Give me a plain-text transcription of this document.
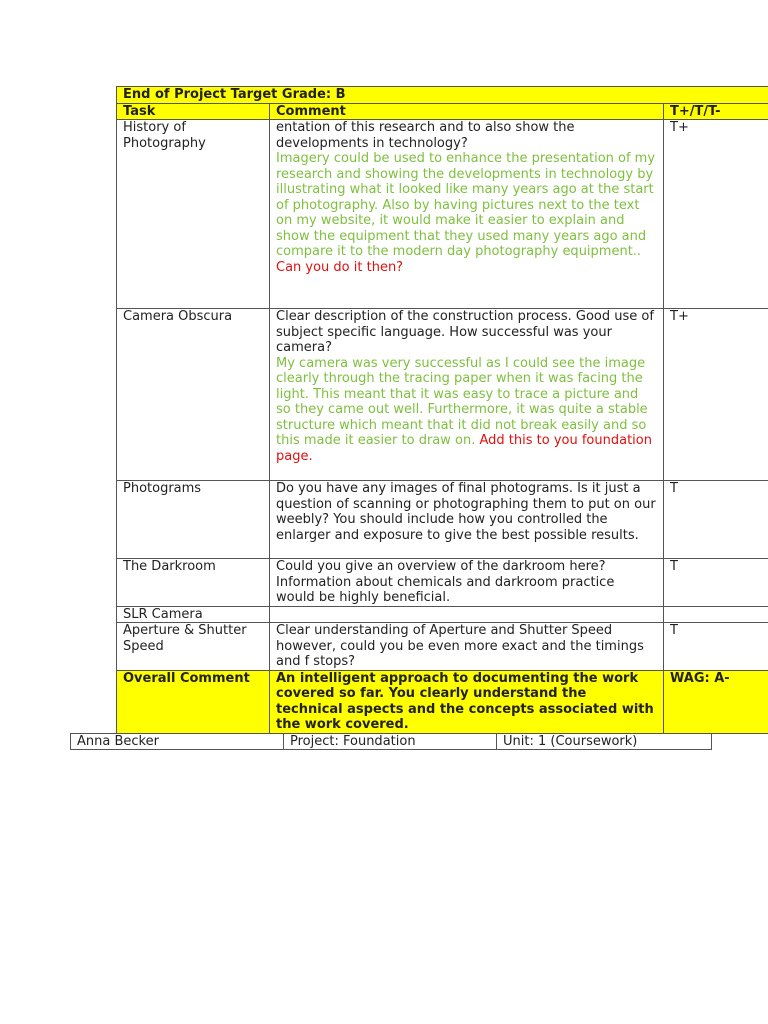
End of Project Target Grade: B		
Task	Comment	T+/T/T-
History of Photography	entation of this research and to also show the developments in technology?
Imagery could be used to enhance the presentation of my research and showing the developments in technology by illustrating what it looked like many years ago at the start of photography. Also by having pictures next to the text on my website, it would make it easier to explain and show the equipment that they used many years ago and compare it to the modern day photography equipment.. Can you do it then?	T+
Camera Obscura	Clear description of the construction process. Good use of subject specific language. How successful was your camera?
My camera was very successful as I could see the image clearly through the tracing paper when it was facing the light. This meant that it was easy to trace a picture and so they came out well. Furthermore, it was quite a stable structure which meant that it did not break easily and so this made it easier to draw on. Add this to you foundation page.	T+
Photograms	Do you have any images of final photograms. Is it just a question of scanning or photographing them to put on our weebly? You should include how you controlled the enlarger and exposure to give the best possible results.	T
The Darkroom	Could you give an overview of the darkroom here? Information about chemicals and darkroom practice would be highly beneficial.	T
SLR Camera		
Aperture & Shutter Speed	Clear understanding of Aperture and Shutter Speed however, could you be even more exact and the timings and f stops?	T
Overall Comment	An intelligent approach to documenting the work covered so far. You clearly understand the technical aspects and the concepts associated with the work covered.	WAG: A-
Anna Becker	Project: Foundation	Unit: 1 (Coursework)
